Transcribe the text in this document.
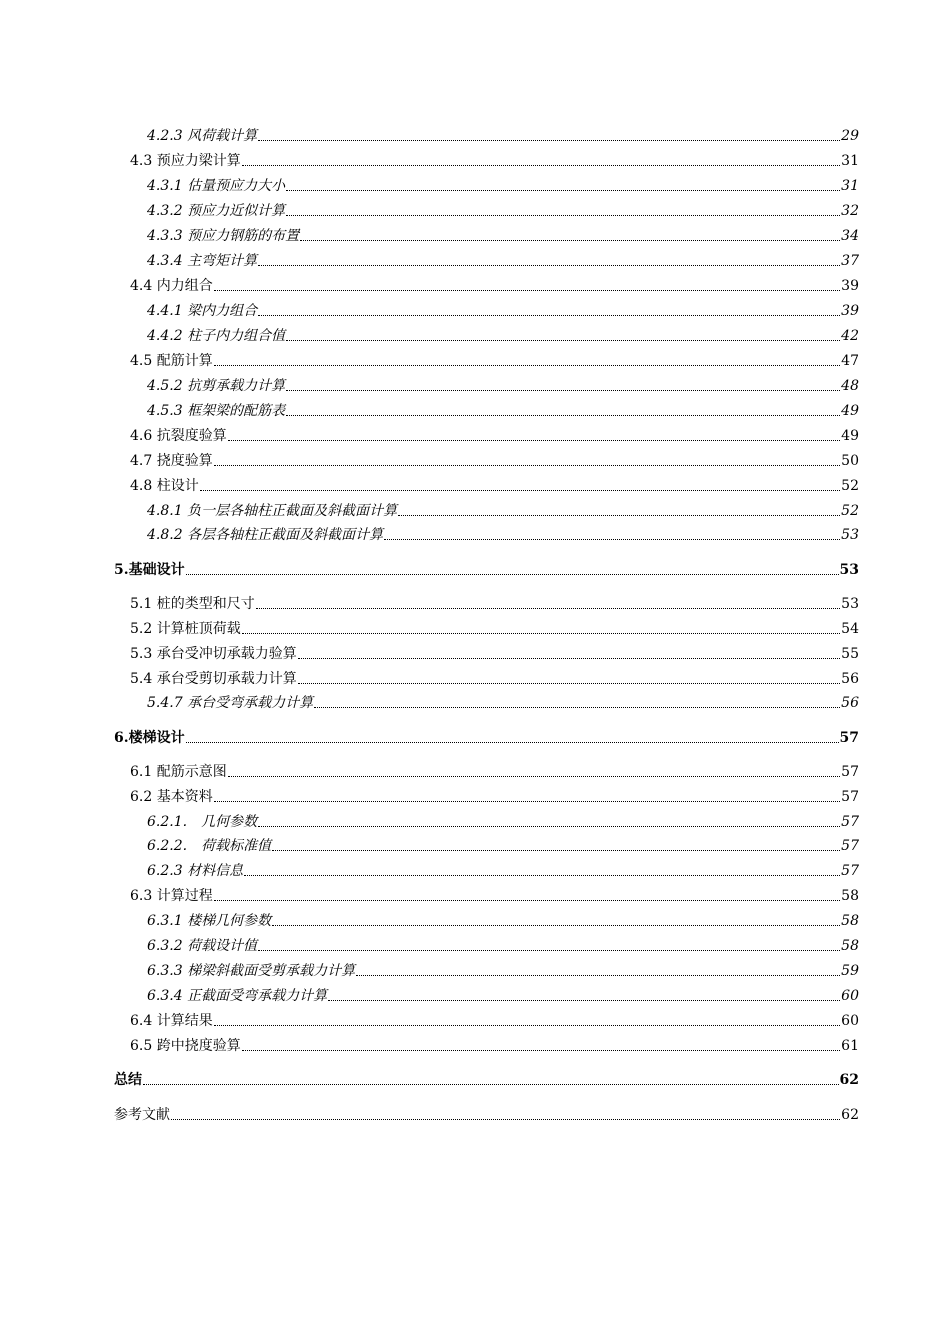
4.2.3 风荷载计算	29
4.3 预应力梁计算	31
4.3.1 估量预应力大小	31
4.3.2 预应力近似计算	32
4.3.3 预应力钢筋的布置	34
4.3.4 主弯矩计算	37
4.4 内力组合	39
4.4.1 梁内力组合	39
4.4.2 柱子内力组合值	42
4.5 配筋计算	47
4.5.2 抗剪承载力计算	48
4.5.3 框架梁的配筋表	49
4.6 抗裂度验算	49
4.7 挠度验算	50
4.8 柱设计	52
4.8.1 负一层各轴柱正截面及斜截面计算	52
4.8.2 各层各轴柱正截面及斜截面计算	53
5.基础设计	53
5.1 桩的类型和尺寸	53
5.2 计算桩顶荷载	54
5.3 承台受冲切承载力验算	55
5.4 承台受剪切承载力计算	56
5.4.7 承台受弯承载力计算	56
6.楼梯设计	57
6.1 配筋示意图	57
6.2 基本资料	57
6.2.1.　几何参数	57
6.2.2.　荷载标准值	57
6.2.3 材料信息	57
6.3 计算过程	58
6.3.1 楼梯几何参数	58
6.3.2 荷载设计值	58
6.3.3 梯梁斜截面受剪承载力计算	59
6.3.4 正截面受弯承载力计算	60
6.4 计算结果	60
6.5 跨中挠度验算	61
总结	62
参考文献	62
